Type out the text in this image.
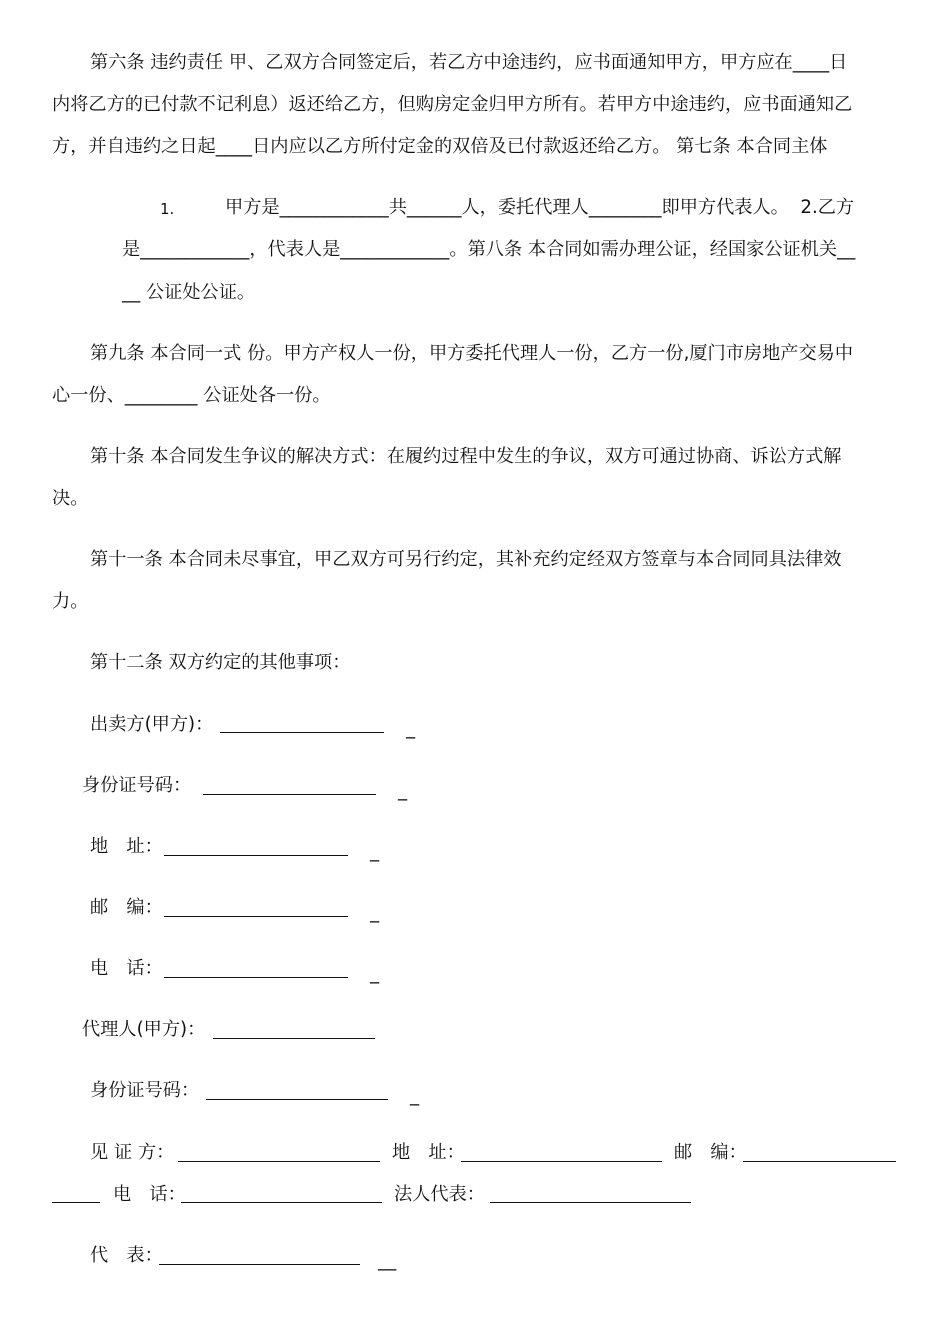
第六条 违约责任 甲、乙双方合同签定后，若乙方中途违约，应书面通知甲方，甲方应在____日
内将乙方的已付款不记利息）返还给乙方，但购房定金归甲方所有。若甲方中途违约，应书面通知乙
方，并自违约之日起____日内应以乙方所付定金的双倍及已付款返还给乙方。 第七条 本合同主体
1.	甲方是____________共______人，委托代理人________即甲方代表人。  2.乙方
是____________，代表人是____________。第八条 本合同如需办理公证，经国家公证机关__
__ 公证处公证。
第九条 本合同一式 份。甲方产权人一份，甲方委托代理人一份，乙方一份,厦门市房地产交易中
心一份、________ 公证处各一份。
第十条 本合同发生争议的解决方式：在履约过程中发生的争议，双方可通过协商、诉讼方式解
决。
第十一条 本合同未尽事宜，甲乙双方可另行约定，其补充约定经双方签章与本合同同具法律效
力。
第十二条 双方约定的其他事项：
出卖方(甲方)：	_
身份证号码：	_
地　址：	_
邮　编：	_
电　话：	_
代理人(甲方)：
身份证号码：	_
见 证 方：	地　址：	邮　编：
电　话：	法人代表：
代　表：	__
